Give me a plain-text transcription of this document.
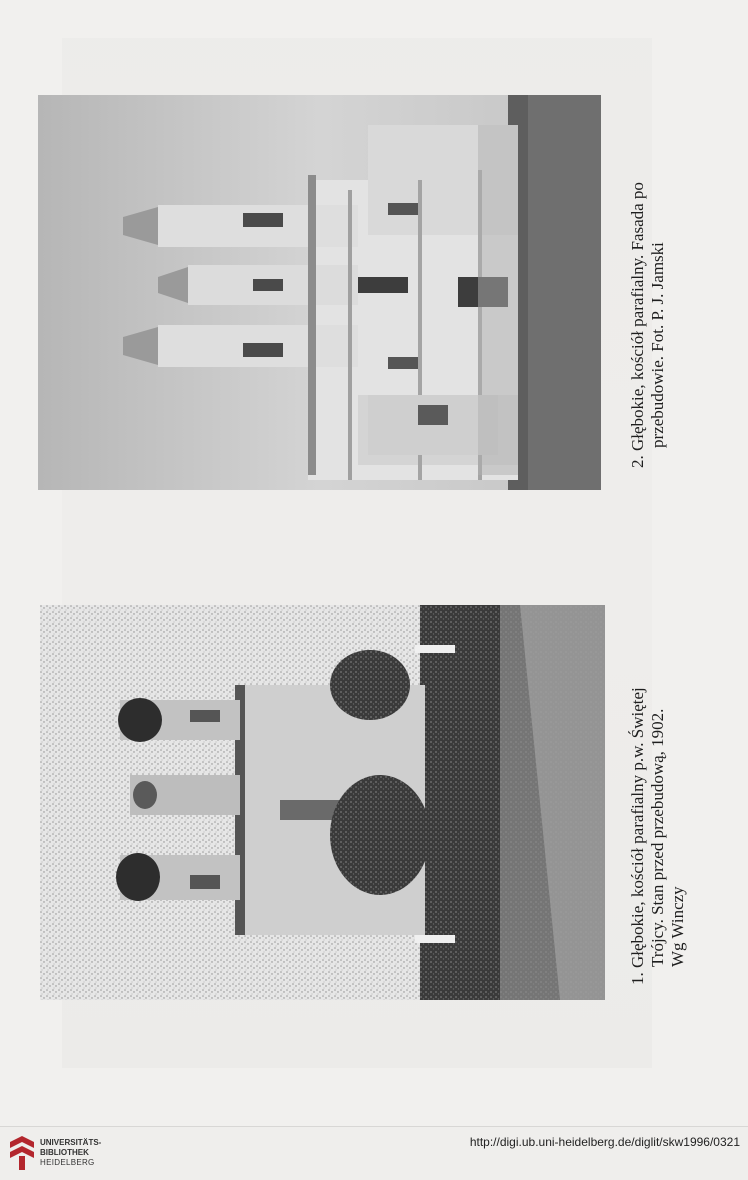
2. Głębokie, kościół parafialny. Fasada po przebudowie. Fot. P. J. Jamski
1. Głębokie, kościół parafialny p.w. Świętej Trójcy. Stan przed przebudową, 1902. Wg Winczy
UNIVERSITÄTS-
BIBLIOTHEK
HEIDELBERG
http://digi.ub.uni-heidelberg.de/diglit/skw1996/0321
